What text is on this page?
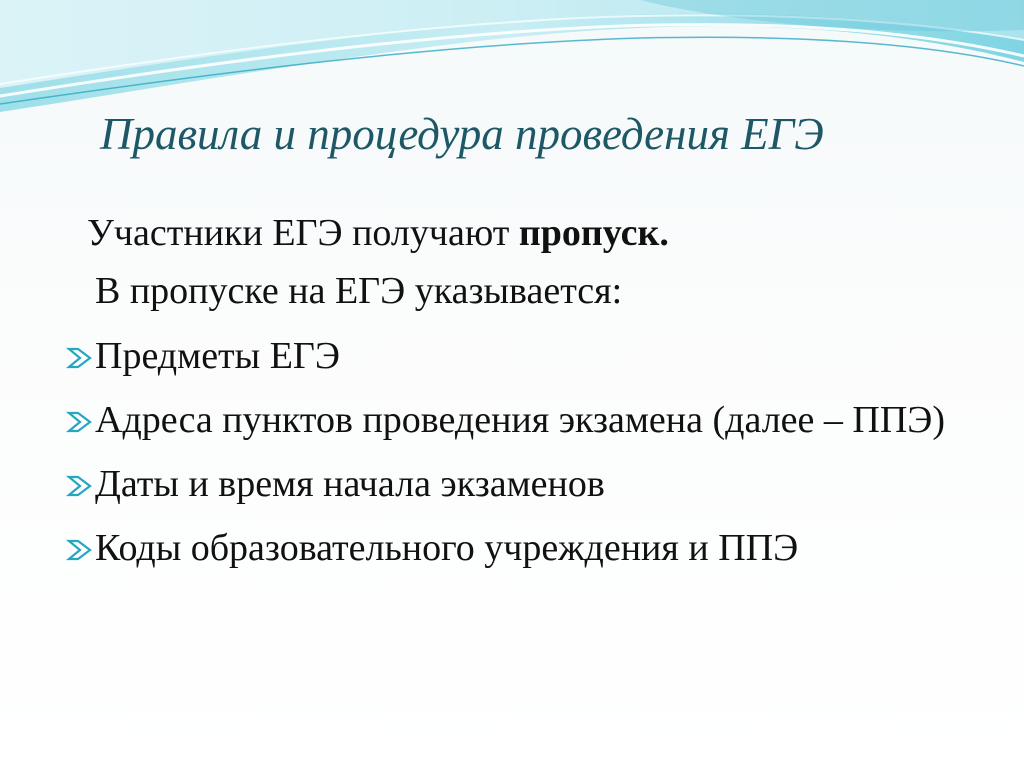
Правила и процедура проведения ЕГЭ
Участники ЕГЭ получают пропуск.
В пропуске на ЕГЭ указывается:
Предметы ЕГЭ
Адреса пунктов проведения экзамена (далее – ППЭ)
Даты и время начала экзаменов
Коды образовательного учреждения и ППЭ
